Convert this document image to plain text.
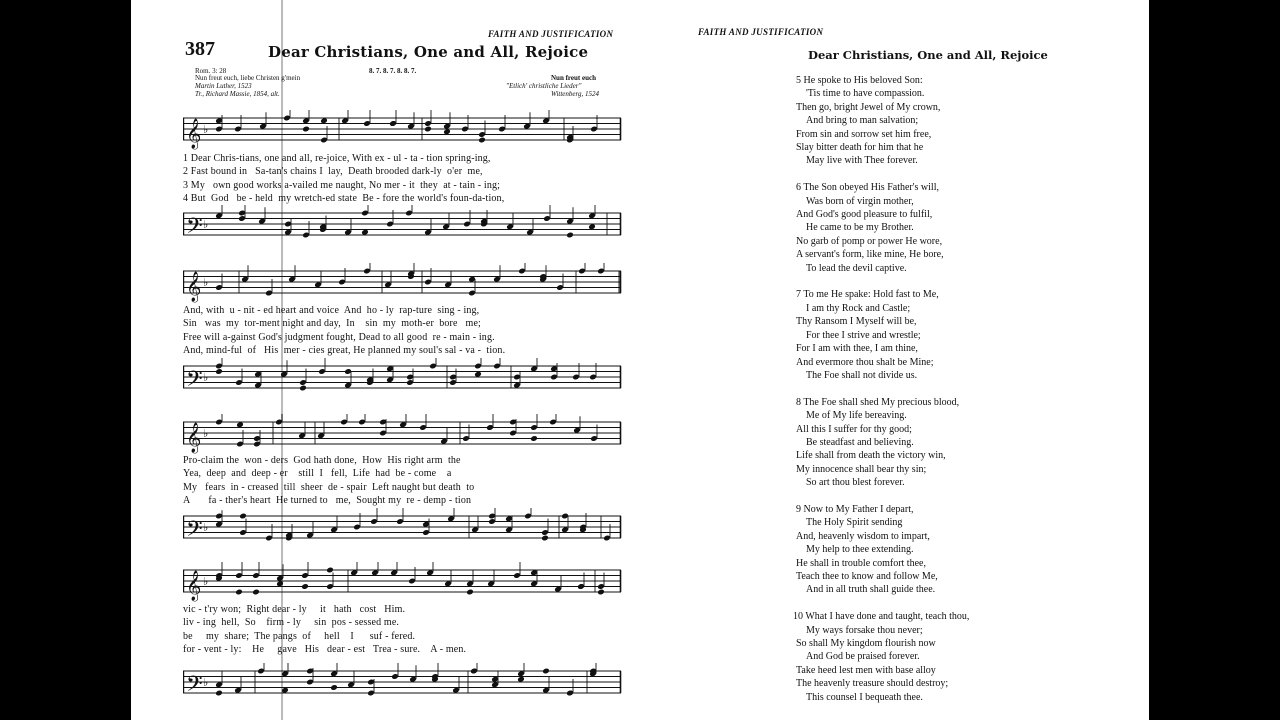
FAITH AND JUSTIFICATION	FAITH AND JUSTIFICATION
387	Dear Christians, One and All, Rejoice
Rom. 3: 28
Nun freut euch, liebe Christen g'mein
Martin Luther, 1523
Tr., Richard Massie, 1854, alt.
8. 7. 8. 7. 8. 8. 7.
Nun freut euch
"Etlich' christliche Lieder"
Wittenberg, 1524
𝄞 ♭
1 Dear Chris-tians, one and all, re-joice, With ex - ul - ta - tion spring-ing,
2 Fast bound in   Sa-tan's chains I  lay,  Death brooded dark-ly  o'er  me,
3 My   own good works a-vailed me naught, No mer - it  they  at - tain - ing;
4 But  God   be - held  my wretch-ed state  Be - fore the world's foun-da-tion,
𝄢 ♭
𝄞 ♭
And, with  u - nit - ed heart and voice  And  ho - ly  rap-ture  sing - ing,
Sin   was  my  tor-ment night and day,  In    sin  my  moth-er  bore   me;
Free will a-gainst God's judgment fought, Dead to all good  re - main - ing.
And, mind-ful  of   His  mer - cies great, He planned my soul's sal - va -  tion.
𝄢 ♭
𝄞 ♭
Pro-claim the  won - ders  God hath done,  How  His right arm  the
Yea,  deep  and  deep - er    still  I   fell,  Life  had  be - come    a
My   fears  in - creased  till  sheer  de - spair  Left naught but death  to
A       fa - ther's heart  He turned to   me,  Sought my  re - demp - tion
𝄢 ♭
𝄞 ♭
vic - t'ry won;  Right dear - ly     it   hath   cost   Him.
liv - ing  hell,  So    firm - ly     sin  pos - sessed me.
be     my  share;  The pangs  of     hell    I      suf - fered.
for - vent - ly:    He     gave   His   dear - est   Trea - sure.    A - men.
𝄢 ♭
Dear Christians, One and All, Rejoice
5 He spoke to His beloved Son:
'Tis time to have compassion.
Then go, bright Jewel of My crown,
And bring to man salvation;
From sin and sorrow set him free,
Slay bitter death for him that he
May live with Thee forever.
6 The Son obeyed His Father's will,
Was born of virgin mother,
And God's good pleasure to fulfil,
He came to be my Brother.
No garb of pomp or power He wore,
A servant's form, like mine, He bore,
To lead the devil captive.
7 To me He spake: Hold fast to Me,
I am thy Rock and Castle;
Thy Ransom I Myself will be,
For thee I strive and wrestle;
For I am with thee, I am thine,
And evermore thou shalt be Mine;
The Foe shall not divide us.
8 The Foe shall shed My precious blood,
Me of My life bereaving.
All this I suffer for thy good;
Be steadfast and believing.
Life shall from death the victory win,
My innocence shall bear thy sin;
So art thou blest forever.
9 Now to My Father I depart,
The Holy Spirit sending
And, heavenly wisdom to impart,
My help to thee extending.
He shall in trouble comfort thee,
Teach thee to know and follow Me,
And in all truth shall guide thee.
10 What I have done and taught, teach thou,
My ways forsake thou never;
So shall My kingdom flourish now
And God be praised forever.
Take heed lest men with base alloy
The heavenly treasure should destroy;
This counsel I bequeath thee.
